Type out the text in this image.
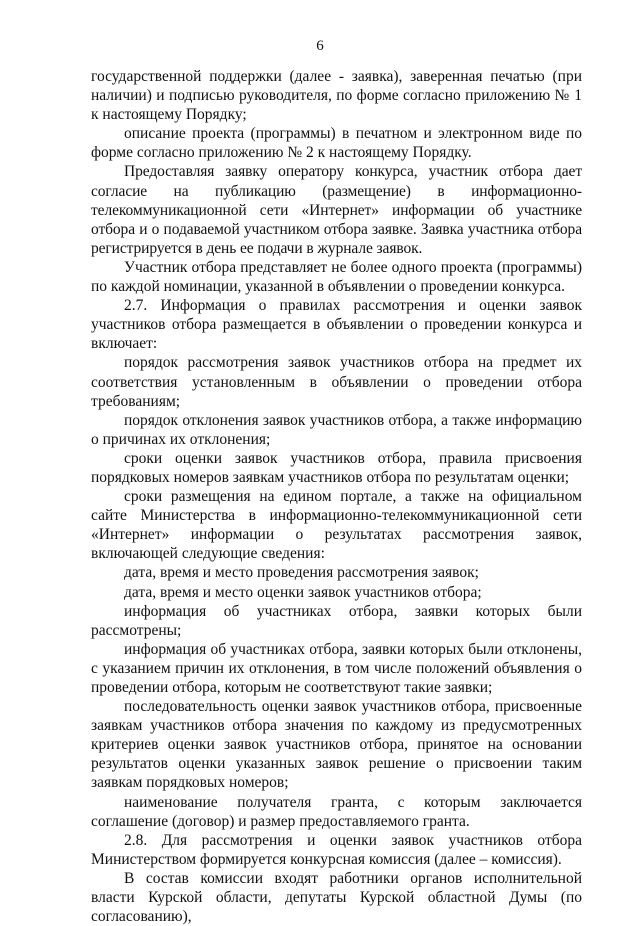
6

государственной поддержки (далее - заявка), заверенная печатью (при наличии) и подписью руководителя, по форме согласно приложению № 1 к настоящему Порядку;

описание проекта (программы) в печатном и электронном виде по форме согласно приложению № 2 к настоящему Порядку.

Предоставляя заявку оператору конкурса, участник отбора дает согласие на публикацию (размещение) в информационно-телекоммуникационной сети «Интернет» информации об участнике отбора и о подаваемой участником отбора заявке. Заявка участника отбора регистрируется в день ее подачи в журнале заявок.

Участник отбора представляет не более одного проекта (программы) по каждой номинации, указанной в объявлении о проведении конкурса.

2.7. Информация о правилах рассмотрения и оценки заявок участников отбора размещается в объявлении о проведении конкурса и включает:

порядок рассмотрения заявок участников отбора на предмет их соответствия установленным в объявлении о проведении отбора требованиям;

порядок отклонения заявок участников отбора, а также информацию о причинах их отклонения;

сроки оценки заявок участников отбора, правила присвоения порядковых номеров заявкам участников отбора по результатам оценки;

сроки размещения на едином портале, а также на официальном сайте Министерства в информационно-телекоммуникационной сети «Интернет» информации о результатах рассмотрения заявок, включающей следующие сведения:

дата, время и место проведения рассмотрения заявок;

дата, время и место оценки заявок участников отбора;

информация об участниках отбора, заявки которых были рассмотрены;

информация об участниках отбора, заявки которых были отклонены, с указанием причин их отклонения, в том числе положений объявления о проведении отбора, которым не соответствуют такие заявки;

последовательность оценки заявок участников отбора, присвоенные заявкам участников отбора значения по каждому из предусмотренных критериев оценки заявок участников отбора, принятое на основании результатов оценки указанных заявок решение о присвоении таким заявкам порядковых номеров;

наименование получателя гранта, с которым заключается соглашение (договор) и размер предоставляемого гранта.

2.8. Для рассмотрения и оценки заявок участников отбора Министерством формируется конкурсная комиссия (далее – комиссия).

В состав комиссии входят работники органов исполнительной власти Курской области, депутаты Курской областной Думы (по согласованию),
